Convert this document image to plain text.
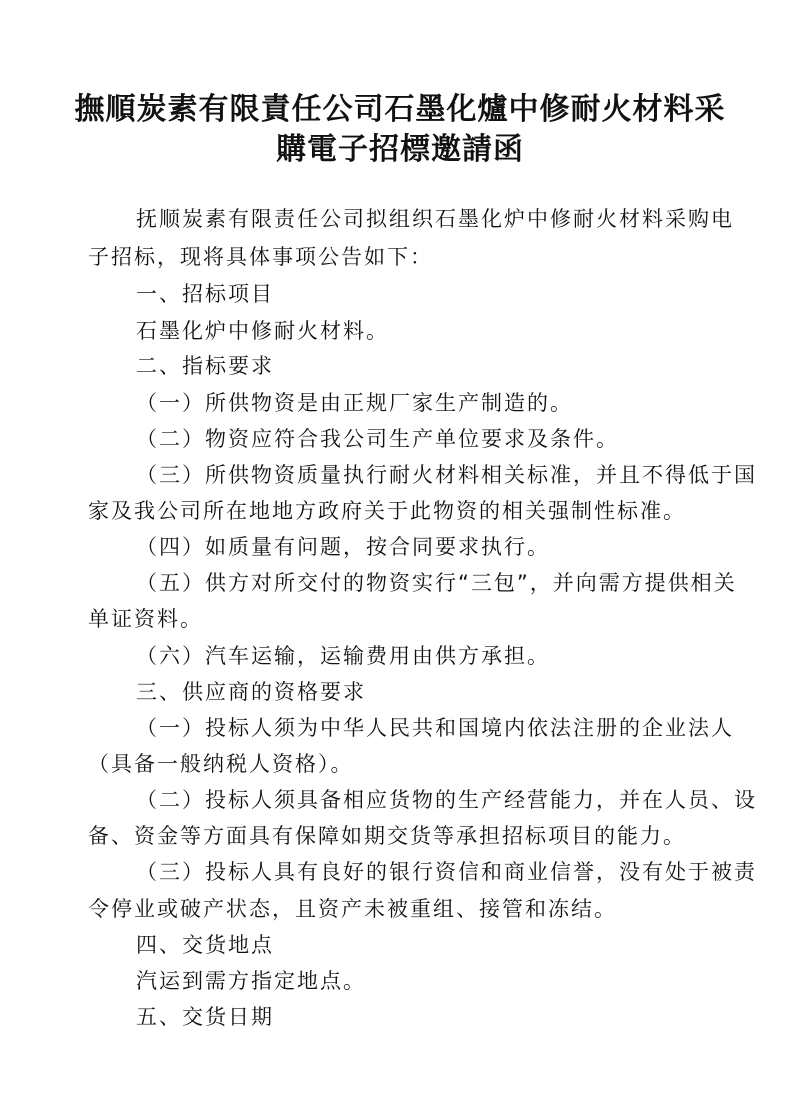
撫順炭素有限責任公司石墨化爐中修耐火材料采
購電子招標邀請函
抚顺炭素有限责任公司拟组织石墨化炉中修耐火材料采购电
子招标，现将具体事项公告如下：
一、招标项目
石墨化炉中修耐火材料。
二、指标要求
（一）所供物资是由正规厂家生产制造的。
（二）物资应符合我公司生产单位要求及条件。
（三）所供物资质量执行耐火材料相关标准，并且不得低于国
家及我公司所在地地方政府关于此物资的相关强制性标准。
（四）如质量有问题，按合同要求执行。
（五）供方对所交付的物资实行“三包”，并向需方提供相关
单证资料。
（六）汽车运输，运输费用由供方承担。
三、供应商的资格要求
（一）投标人须为中华人民共和国境内依法注册的企业法人
（具备一般纳税人资格）。
（二）投标人须具备相应货物的生产经营能力，并在人员、设
备、资金等方面具有保障如期交货等承担招标项目的能力。
（三）投标人具有良好的银行资信和商业信誉，没有处于被责
令停业或破产状态，且资产未被重组、接管和冻结。
四、交货地点
汽运到需方指定地点。
五、交货日期
